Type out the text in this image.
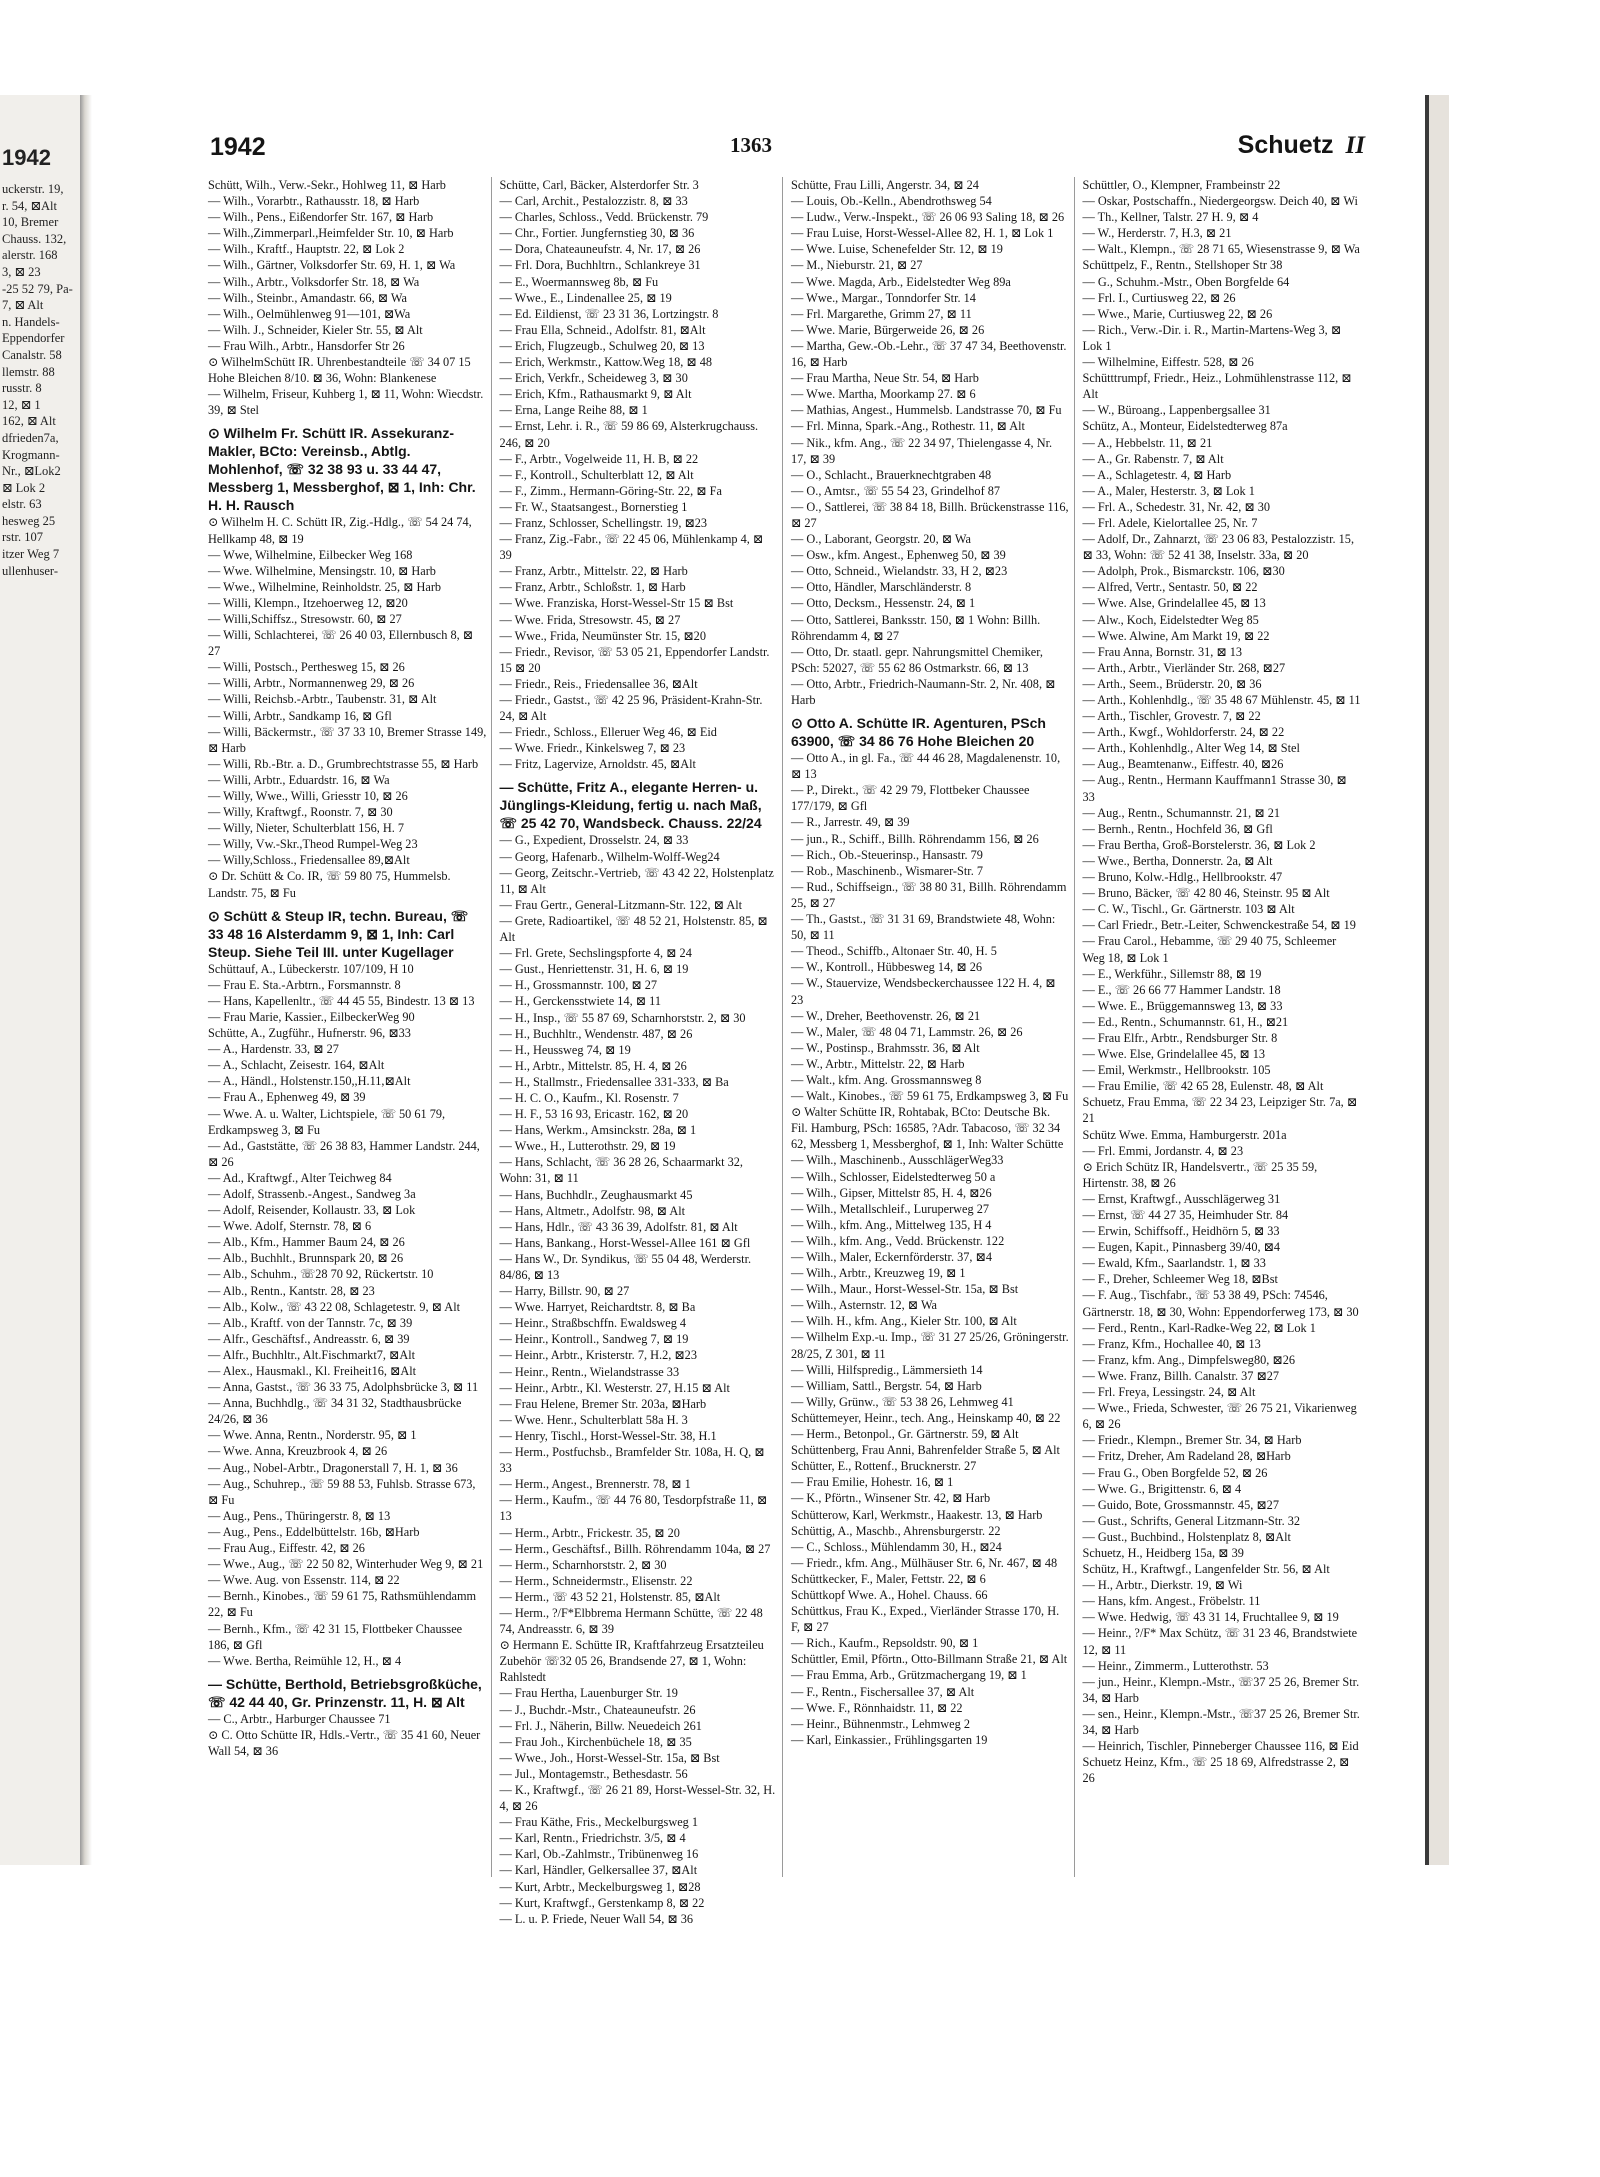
1942
uckerstr. 19,
r. 54, ⊠Alt
10, Bremer
Chauss. 132,
alerstr. 168
3, ⊠ 23
-25 52 79, Pa-
7, ⊠ Alt
n. Handels-
Eppendorfer
Canalstr. 58
llemstr. 88
russtr. 8
12, ⊠ 1
162, ⊠ Alt
dfrieden7a,
Krogmann-
Nr., ⊠Lok2
⊠ Lok 2
elstr. 63
hesweg 25
rstr. 107
itzer Weg 7
ullenhuser-
1942	1363	Schuetz II
Schütt, Wilh., Verw.-Sekr., Hohlweg 11, ⊠ Harb
— Wilh., Vorarbtr., Rathausstr. 18, ⊠ Harb
— Wilh., Pens., Eißendorfer Str. 167, ⊠ Harb
— Wilh.,Zimmerparl.,Heimfelder Str. 10, ⊠ Harb
— Wilh., Kraftf., Hauptstr. 22, ⊠ Lok 2
— Wilh., Gärtner, Volksdorfer Str. 69, H. 1, ⊠ Wa
— Wilh., Arbtr., Volksdorfer Str. 18, ⊠ Wa
— Wilh., Steinbr., Amandastr. 66, ⊠ Wa
— Wilh., Oelmühlenweg 91—101, ⊠Wa
— Wilh. J., Schneider, Kieler Str. 55, ⊠ Alt
— Frau Wilh., Arbtr., Hansdorfer Str 26
⊙ WilhelmSchütt IR. Uhrenbestandteile ☏ 34 07 15 Hohe Bleichen 8/10. ⊠ 36, Wohn: Blankenese
— Wilhelm, Friseur, Kuhberg 1, ⊠ 11, Wohn: Wiecdstr. 39, ⊠ Stel
⊙ Wilhelm Fr. Schütt IR. Assekuranz-Makler, BCto: Vereinsb., Abtlg. Mohlenhof, ☏ 32 38 93 u. 33 44 47, Messberg 1, Messberghof, ⊠ 1, Inh: Chr. H. H. Rausch
⊙ Wilhelm H. C. Schütt IR, Zig.-Hdlg., ☏ 54 24 74, Hellkamp 48, ⊠ 19
— Wwe, Wilhelmine, Eilbecker Weg 168
— Wwe. Wilhelmine, Mensingstr. 10, ⊠ Harb
— Wwe., Wilhelmine, Reinholdstr. 25, ⊠ Harb
— Willi, Klempn., Itzehoerweg 12, ⊠20
— Willi,Schiffsz., Stresowstr. 60, ⊠ 27
— Willi, Schlachterei, ☏ 26 40 03, Ellernbusch 8, ⊠ 27
— Willi, Postsch., Perthesweg 15, ⊠ 26
— Willi, Arbtr., Normannenweg 29, ⊠ 26
— Willi, Reichsb.-Arbtr., Taubenstr. 31, ⊠ Alt
— Willi, Arbtr., Sandkamp 16, ⊠ Gfl
— Willi, Bäckermstr., ☏ 37 33 10, Bremer Strasse 149, ⊠ Harb
— Willi, Rb.-Btr. a. D., Grumbrechtstrasse 55, ⊠ Harb
— Willi, Arbtr., Eduardstr. 16, ⊠ Wa
— Willy, Wwe., Willi, Griesstr 10, ⊠ 26
— Willy, Kraftwgf., Roonstr. 7, ⊠ 30
— Willy, Nieter, Schulterblatt 156, H. 7
— Willy, Vw.-Skr.,Theod Rumpel-Weg 23
— Willy,Schloss., Friedensallee 89,⊠Alt
⊙ Dr. Schütt & Co. IR, ☏ 59 80 75, Hummelsb. Landstr. 75, ⊠ Fu
⊙ Schütt & Steup IR, techn. Bureau, ☏ 33 48 16 Alsterdamm 9, ⊠ 1, Inh: Carl Steup. Siehe Teil III. unter Kugellager
Schüttauf, A., Lübeckerstr. 107/109, H 10
— Frau E. Sta.-Arbtrn., Forsmannstr. 8
— Hans, Kapellenltr., ☏ 44 45 55, Bindestr. 13 ⊠ 13
— Frau Marie, Kassier., EilbeckerWeg 90
Schütte, A., Zugführ., Hufnerstr. 96, ⊠33
— A., Hardenstr. 33, ⊠ 27
— A., Schlacht, Zeisestr. 164, ⊠Alt
— A., Händl., Holstenstr.150,,H.11,⊠Alt
— Frau A., Ephenweg 49, ⊠ 39
— Wwe. A. u. Walter, Lichtspiele, ☏ 50 61 79, Erdkampsweg 3, ⊠ Fu
— Ad., Gaststätte, ☏ 26 38 83, Hammer Landstr. 244, ⊠ 26
— Ad., Kraftwgf., Alter Teichweg 84
— Adolf, Strassenb.-Angest., Sandweg 3a
— Adolf, Reisender, Kollaustr. 33, ⊠ Lok
— Wwe. Adolf, Sternstr. 78, ⊠ 6
— Alb., Kfm., Hammer Baum 24, ⊠ 26
— Alb., Buchhlt., Brunnspark 20, ⊠ 26
— Alb., Schuhm., ☏28 70 92, Rückertstr. 10
— Alb., Rentn., Kantstr. 28, ⊠ 23
— Alb., Kolw., ☏ 43 22 08, Schlagetestr. 9, ⊠ Alt
— Alb., Kraftf. von der Tannstr. 7c, ⊠ 39
— Alfr., Geschäftsf., Andreasstr. 6, ⊠ 39
— Alfr., Buchhltr., Alt.Fischmarkt7, ⊠Alt
— Alex., Hausmakl., Kl. Freiheit16, ⊠Alt
— Anna, Gastst., ☏ 36 33 75, Adolphsbrücke 3, ⊠ 11
— Anna, Buchhdlg., ☏ 34 31 32, Stadthausbrücke 24/26, ⊠ 36
— Wwe. Anna, Rentn., Norderstr. 95, ⊠ 1
— Wwe. Anna, Kreuzbrook 4, ⊠ 26
— Aug., Nobel-Arbtr., Dragonerstall 7, H. 1, ⊠ 36
— Aug., Schuhrep., ☏ 59 88 53, Fuhlsb. Strasse 673, ⊠ Fu
— Aug., Pens., Thüringerstr. 8, ⊠ 13
— Aug., Pens., Eddelbüttelstr. 16b, ⊠Harb
— Frau Aug., Eiffestr. 42, ⊠ 26
— Wwe., Aug., ☏ 22 50 82, Winterhuder Weg 9, ⊠ 21
— Wwe. Aug. von Essenstr. 114, ⊠ 22
— Bernh., Kinobes., ☏ 59 61 75, Rathsmühlendamm 22, ⊠ Fu
— Bernh., Kfm., ☏ 42 31 15, Flottbeker Chaussee 186, ⊠ Gfl
— Wwe. Bertha, Reimühle 12, H., ⊠ 4
— Schütte, Berthold, Betriebsgroßküche, ☏ 42 44 40, Gr. Prinzenstr. 11, H. ⊠ Alt
— C., Arbtr., Harburger Chaussee 71
⊙ C. Otto Schütte IR, Hdls.-Vertr., ☏ 35 41 60, Neuer Wall 54, ⊠ 36
Schütte, Carl, Bäcker, Alsterdorfer Str. 3
— Carl, Archit., Pestalozzistr. 8, ⊠ 33
— Charles, Schloss., Vedd. Brückenstr. 79
— Chr., Fortier. Jungfernstieg 30, ⊠ 36
— Dora, Chateauneufstr. 4, Nr. 17, ⊠ 26
— Frl. Dora, Buchhltrn., Schlankreye 31
— E., Woermannsweg 8b, ⊠ Fu
— Wwe., E., Lindenallee 25, ⊠ 19
— Ed. Eildienst, ☏ 23 31 36, Lortzingstr. 8
— Frau Ella, Schneid., Adolfstr. 81, ⊠Alt
— Erich, Flugzeugb., Schulweg 20, ⊠ 13
— Erich, Werkmstr., Kattow.Weg 18, ⊠ 48
— Erich, Verkfr., Scheideweg 3, ⊠ 30
— Erich, Kfm., Rathausmarkt 9, ⊠ Alt
— Erna, Lange Reihe 88, ⊠ 1
— Ernst, Lehr. i. R., ☏ 59 86 69, Alsterkrugchauss. 246, ⊠ 20
— F., Arbtr., Vogelweide 11, H. B, ⊠ 22
— F., Kontroll., Schulterblatt 12, ⊠ Alt
— F., Zimm., Hermann-Göring-Str. 22, ⊠ Fa
— Fr. W., Staatsangest., Bornerstieg 1
— Franz, Schlosser, Schellingstr. 19, ⊠23
— Franz, Zig.-Fabr., ☏ 22 45 06, Mühlenkamp 4, ⊠ 39
— Franz, Arbtr., Mittelstr. 22, ⊠ Harb
— Franz, Arbtr., Schloßstr. 1, ⊠ Harb
— Wwe. Franziska, Horst-Wessel-Str 15 ⊠ Bst
— Wwe. Frida, Stresowstr. 45, ⊠ 27
— Wwe., Frida, Neumünster Str. 15, ⊠20
— Friedr., Revisor, ☏ 53 05 21, Eppendorfer Landstr. 15 ⊠ 20
— Friedr., Reis., Friedensallee 36, ⊠Alt
— Friedr., Gastst., ☏ 42 25 96, Präsident-Krahn-Str. 24, ⊠ Alt
— Friedr., Schloss., Elleruer Weg 46, ⊠ Eid
— Wwe. Friedr., Kinkelsweg 7, ⊠ 23
— Fritz, Lagervize, Arnoldstr. 45, ⊠Alt
— Schütte, Fritz A., elegante Herren- u. Jünglings-Kleidung, fertig u. nach Maß, ☏ 25 42 70, Wandsbeck. Chauss. 22/24
— G., Expedient, Drosselstr. 24, ⊠ 33
— Georg, Hafenarb., Wilhelm-Wolff-Weg24
— Georg, Zeitschr.-Vertrieb, ☏ 43 42 22, Holstenplatz 11, ⊠ Alt
— Frau Gertr., General-Litzmann-Str. 122, ⊠ Alt
— Grete, Radioartikel, ☏ 48 52 21, Holstenstr. 85, ⊠ Alt
— Frl. Grete, Sechslingspforte 4, ⊠ 24
— Gust., Henriettenstr. 31, H. 6, ⊠ 19
— H., Grossmannstr. 100, ⊠ 27
— H., Gerckensstwiete 14, ⊠ 11
— H., Insp., ☏ 55 87 69, Scharnhorststr. 2, ⊠ 30
— H., Buchhltr., Wendenstr. 487, ⊠ 26
— H., Heussweg 74, ⊠ 19
— H., Arbtr., Mittelstr. 85, H. 4, ⊠ 26
— H., Stallmstr., Friedensallee 331-333, ⊠ Ba
— H. C. O., Kaufm., Kl. Rosenstr. 7
— H. F., 53 16 93, Ericastr. 162, ⊠ 20
— Hans, Werkm., Amsinckstr. 28a, ⊠ 1
— Wwe., H., Lutterothstr. 29, ⊠ 19
— Hans, Schlacht, ☏ 36 28 26, Schaarmarkt 32, Wohn: 31, ⊠ 11
— Hans, Buchhdlr., Zeughausmarkt 45
— Hans, Altmetr., Adolfstr. 98, ⊠ Alt
— Hans, Hdlr., ☏ 43 36 39, Adolfstr. 81, ⊠ Alt
— Hans, Bankang., Horst-Wessel-Allee 161 ⊠ Gfl
— Hans W., Dr. Syndikus, ☏ 55 04 48, Werderstr. 84/86, ⊠ 13
— Harry, Billstr. 90, ⊠ 27
— Wwe. Harryet, Reichardtstr. 8, ⊠ Ba
— Heinr., Straßbschffn. Ewaldsweg 4
— Heinr., Kontroll., Sandweg 7, ⊠ 19
— Heinr., Arbtr., Kristerstr. 7, H.2, ⊠23
— Heinr., Rentn., Wielandstrasse 33
— Heinr., Arbtr., Kl. Westerstr. 27, H.15 ⊠ Alt
— Frau Helene, Bremer Str. 203a, ⊠Harb
— Wwe. Henr., Schulterblatt 58a H. 3
— Henry, Tischl., Horst-Wessel-Str. 38, H.1
— Herm., Postfuchsb., Bramfelder Str. 108a, H. Q, ⊠ 33
— Herm., Angest., Brennerstr. 78, ⊠ 1
— Herm., Kaufm., ☏ 44 76 80, Tesdorpfstraße 11, ⊠ 13
— Herm., Arbtr., Frickestr. 35, ⊠ 20
— Herm., Geschäftsf., Billh. Röhrendamm 104a, ⊠ 27
— Herm., Scharnhorststr. 2, ⊠ 30
— Herm., Schneidermstr., Elisenstr. 22
— Herm., ☏ 43 52 21, Holstenstr. 85, ⊠Alt
— Herm., ?/F*Elbbrema Hermann Schütte, ☏ 22 48 74, Andreasstr. 6, ⊠ 39
⊙ Hermann E. Schütte IR, Kraftfahrzeug Ersatzteileu Zubehör ☏32 05 26, Brandsende 27, ⊠ 1, Wohn: Rahlstedt
— Frau Hertha, Lauenburger Str. 19
— J., Buchdr.-Mstr., Chateauneufstr. 26
— Frl. J., Näherin, Billw. Neuedeich 261
— Frau Joh., Kirchenbüchele 18, ⊠ 35
— Wwe., Joh., Horst-Wessel-Str. 15a, ⊠ Bst
— Jul., Montagemstr., Bethesdastr. 56
— K., Kraftwgf., ☏ 26 21 89, Horst-Wessel-Str. 32, H. 4, ⊠ 26
— Frau Käthe, Fris., Meckelburgsweg 1
— Karl, Rentn., Friedrichstr. 3/5, ⊠ 4
— Karl, Ob.-Zahlmstr., Tribünenweg 16
— Karl, Händler, Gelkersallee 37, ⊠Alt
— Kurt, Arbtr., Meckelburgsweg 1, ⊠28
— Kurt, Kraftwgf., Gerstenkamp 8, ⊠ 22
— L. u. P. Friede, Neuer Wall 54, ⊠ 36
Schütte, Frau Lilli, Angerstr. 34, ⊠ 24
— Louis, Ob.-Kelln., Abendrothsweg 54
— Ludw., Verw.-Inspekt., ☏ 26 06 93 Saling 18, ⊠ 26
— Frau Luise, Horst-Wessel-Allee 82, H. 1, ⊠ Lok 1
— Wwe. Luise, Schenefelder Str. 12, ⊠ 19
— M., Nieburstr. 21, ⊠ 27
— Wwe. Magda, Arb., Eidelstedter Weg 89a
— Wwe., Margar., Tonndorfer Str. 14
— Frl. Margarethe, Grimm 27, ⊠ 11
— Wwe. Marie, Bürgerweide 26, ⊠ 26
— Martha, Gew.-Ob.-Lehr., ☏ 37 47 34, Beethovenstr. 16, ⊠ Harb
— Frau Martha, Neue Str. 54, ⊠ Harb
— Wwe. Martha, Moorkamp 27. ⊠ 6
— Mathias, Angest., Hummelsb. Landstrasse 70, ⊠ Fu
— Frl. Minna, Spark.-Ang., Rothestr. 11, ⊠ Alt
— Nik., kfm. Ang., ☏ 22 34 97, Thielengasse 4, Nr. 17, ⊠ 39
— O., Schlacht., Brauerknechtgraben 48
— O., Amtsr., ☏ 55 54 23, Grindelhof 87
— O., Sattlerei, ☏ 38 84 18, Billh. Brückenstrasse 116, ⊠ 27
— O., Laborant, Georgstr. 20, ⊠ Wa
— Osw., kfm. Angest., Ephenweg 50, ⊠ 39
— Otto, Schneid., Wielandstr. 33, H 2, ⊠23
— Otto, Händler, Marschländerstr. 8
— Otto, Decksm., Hessenstr. 24, ⊠ 1
— Otto, Sattlerei, Banksstr. 150, ⊠ 1 Wohn: Billh. Röhrendamm 4, ⊠ 27
— Otto, Dr. staatl. gepr. Nahrungsmittel Chemiker, PSch: 52027, ☏ 55 62 86 Ostmarkstr. 66, ⊠ 13
— Otto, Arbtr., Friedrich-Naumann-Str. 2, Nr. 408, ⊠ Harb
⊙ Otto A. Schütte IR. Agenturen, PSch 63900, ☏ 34 86 76 Hohe Bleichen 20
— Otto A., in gl. Fa., ☏ 44 46 28, Magdalenenstr. 10, ⊠ 13
— P., Direkt., ☏ 42 29 79, Flottbeker Chaussee 177/179, ⊠ Gfl
— R., Jarrestr. 49, ⊠ 39
— jun., R., Schiff., Billh. Röhrendamm 156, ⊠ 26
— Rich., Ob.-Steuerinsp., Hansastr. 79
— Rob., Maschinenb., Wismarer-Str. 7
— Rud., Schiffseign., ☏ 38 80 31, Billh. Röhrendamm 25, ⊠ 27
— Th., Gastst., ☏ 31 31 69, Brandstwiete 48, Wohn: 50, ⊠ 11
— Theod., Schiffb., Altonaer Str. 40, H. 5
— W., Kontroll., Hübbesweg 14, ⊠ 26
— W., Stauervize, Wendsbeckerchaussee 122 H. 4, ⊠ 23
— W., Dreher, Beethovenstr. 26, ⊠ 21
— W., Maler, ☏ 48 04 71, Lammstr. 26, ⊠ 26
— W., Postinsp., Brahmsstr. 36, ⊠ Alt
— W., Arbtr., Mittelstr. 22, ⊠ Harb
— Walt., kfm. Ang. Grossmannsweg 8
— Walt., Kinobes., ☏ 59 61 75, Erdkampsweg 3, ⊠ Fu
⊙ Walter Schütte IR, Rohtabak, BCto: Deutsche Bk. Fil. Hamburg, PSch: 16585, ?Adr. Tabacoso, ☏ 32 34 62, Messberg 1, Messberghof, ⊠ 1, Inh: Walter Schütte
— Wilh., Maschinenb., AusschlägerWeg33
— Wilh., Schlosser, Eidelstedterweg 50 a
— Wilh., Gipser, Mittelstr 85, H. 4, ⊠26
— Wilh., Metallschleif., Luruperweg 27
— Wilh., kfm. Ang., Mittelweg 135, H 4
— Wilh., kfm. Ang., Vedd. Brückenstr. 122
— Wilh., Maler, Eckernförderstr. 37, ⊠4
— Wilh., Arbtr., Kreuzweg 19, ⊠ 1
— Wilh., Maur., Horst-Wessel-Str. 15a, ⊠ Bst
— Wilh., Asternstr. 12, ⊠ Wa
— Wilh. H., kfm. Ang., Kieler Str. 100, ⊠ Alt
— Wilhelm Exp.-u. Imp., ☏ 31 27 25/26, Gröningerstr. 28/25, Z 301, ⊠ 11
— Willi, Hilfspredig., Lämmersieth 14
— William, Sattl., Bergstr. 54, ⊠ Harb
— Willy, Grünw., ☏ 53 38 26, Lehmweg 41
Schüttemeyer, Heinr., tech. Ang., Heinskamp 40, ⊠ 22
— Herm., Betonpol., Gr. Gärtnerstr. 59, ⊠ Alt
Schüttenberg, Frau Anni, Bahrenfelder Straße 5, ⊠ Alt
Schütter, E., Rottenf., Brucknerstr. 27
— Frau Emilie, Hohestr. 16, ⊠ 1
— K., Pförtn., Winsener Str. 42, ⊠ Harb
Schütterow, Karl, Werkmstr., Haakestr. 13, ⊠ Harb
Schüttig, A., Maschb., Ahrensburgerstr. 22
— C., Schloss., Mühlendamm 30, H., ⊠24
— Friedr., kfm. Ang., Mülhäuser Str. 6, Nr. 467, ⊠ 48
Schüttkecker, F., Maler, Fettstr. 22, ⊠ 6
Schüttkopf Wwe. A., Hohel. Chauss. 66
Schüttkus, Frau K., Exped., Vierländer Strasse 170, H. F, ⊠ 27
— Rich., Kaufm., Repsoldstr. 90, ⊠ 1
Schüttler, Emil, Pförtn., Otto-Billmann Straße 21, ⊠ Alt
— Frau Emma, Arb., Grützmachergang 19, ⊠ 1
— F., Rentn., Fischersallee 37, ⊠ Alt
— Wwe. F., Rönnhaidstr. 11, ⊠ 22
— Heinr., Bühnenmstr., Lehmweg 2
— Karl, Einkassier., Frühlingsgarten 19
Schüttler, O., Klempner, Frambeinstr 22
— Oskar, Postschaffn., Niedergeorgsw. Deich 40, ⊠ Wi
— Th., Kellner, Talstr. 27 H. 9, ⊠ 4
— W., Herderstr. 7, H.3, ⊠ 21
— Walt., Klempn., ☏ 28 71 65, Wiesenstrasse 9, ⊠ Wa
Schüttpelz, F., Rentn., Stellshoper Str 38
— G., Schuhm.-Mstr., Oben Borgfelde 64
— Frl. I., Curtiusweg 22, ⊠ 26
— Wwe., Marie, Curtiusweg 22, ⊠ 26
— Rich., Verw.-Dir. i. R., Martin-Martens-Weg 3, ⊠ Lok 1
— Wilhelmine, Eiffestr. 528, ⊠ 26
Schütttrumpf, Friedr., Heiz., Lohmühlenstrasse 112, ⊠ Alt
— W., Büroang., Lappenbergsallee 31
Schütz, A., Monteur, Eidelstedterweg 87a
— A., Hebbelstr. 11, ⊠ 21
— A., Gr. Rabenstr. 7, ⊠ Alt
— A., Schlagetestr. 4, ⊠ Harb
— A., Maler, Hesterstr. 3, ⊠ Lok 1
— Frl. A., Schedestr. 31, Nr. 42, ⊠ 30
— Frl. Adele, Kielortallee 25, Nr. 7
— Adolf, Dr., Zahnarzt, ☏ 23 06 83, Pestalozzistr. 15, ⊠ 33, Wohn: ☏ 52 41 38, Inselstr. 33a, ⊠ 20
— Adolph, Prok., Bismarckstr. 106, ⊠30
— Alfred, Vertr., Sentastr. 50, ⊠ 22
— Wwe. Alse, Grindelallee 45, ⊠ 13
— Alw., Koch, Eidelstedter Weg 85
— Wwe. Alwine, Am Markt 19, ⊠ 22
— Frau Anna, Bornstr. 31, ⊠ 13
— Arth., Arbtr., Vierländer Str. 268, ⊠27
— Arth., Seem., Brüderstr. 20, ⊠ 36
— Arth., Kohlenhdlg., ☏ 35 48 67 Mühlenstr. 45, ⊠ 11
— Arth., Tischler, Grovestr. 7, ⊠ 22
— Arth., Kwgf., Wohldorferstr. 24, ⊠ 22
— Arth., Kohlenhdlg., Alter Weg 14, ⊠ Stel
— Aug., Beamtenanw., Eiffestr. 40, ⊠26
— Aug., Rentn., Hermann Kauffmann1 Strasse 30, ⊠ 33
— Aug., Rentn., Schumannstr. 21, ⊠ 21
— Bernh., Rentn., Hochfeld 36, ⊠ Gfl
— Frau Bertha, Groß-Borstelerstr. 36, ⊠ Lok 2
— Wwe., Bertha, Donnerstr. 2a, ⊠ Alt
— Bruno, Kolw.-Hdlg., Hellbrookstr. 47
— Bruno, Bäcker, ☏ 42 80 46, Steinstr. 95 ⊠ Alt
— C. W., Tischl., Gr. Gärtnerstr. 103 ⊠ Alt
— Carl Friedr., Betr.-Leiter, Schwenckestraße 54, ⊠ 19
— Frau Carol., Hebamme, ☏ 29 40 75, Schleemer Weg 18, ⊠ Lok 1
— E., Werkführ., Sillemstr 88, ⊠ 19
— E., ☏ 26 66 77 Hammer Landstr. 18
— Wwe. E., Brüggemannsweg 13, ⊠ 33
— Ed., Rentn., Schumannstr. 61, H., ⊠21
— Frau Elfr., Arbtr., Rendsburger Str. 8
— Wwe. Else, Grindelallee 45, ⊠ 13
— Emil, Werkmstr., Hellbrookstr. 105
— Frau Emilie, ☏ 42 65 28, Eulenstr. 48, ⊠ Alt
Schuetz, Frau Emma, ☏ 22 34 23, Leipziger Str. 7a, ⊠ 21
Schütz Wwe. Emma, Hamburgerstr. 201a
— Frl. Emmi, Jordanstr. 4, ⊠ 23
⊙ Erich Schütz IR, Handelsvertr., ☏ 25 35 59, Hirtenstr. 38, ⊠ 26
— Ernst, Kraftwgf., Ausschlägerweg 31
— Ernst, ☏ 44 27 35, Heimhuder Str. 84
— Erwin, Schiffsoff., Heidhörn 5, ⊠ 33
— Eugen, Kapit., Pinnasberg 39/40, ⊠4
— Ewald, Kfm., Saarlandstr. 1, ⊠ 33
— F., Dreher, Schleemer Weg 18, ⊠Bst
— F. Aug., Tischfabr., ☏ 53 38 49, PSch: 74546, Gärtnerstr. 18, ⊠ 30, Wohn: Eppendorferweg 173, ⊠ 30
— Ferd., Rentn., Karl-Radke-Weg 22, ⊠ Lok 1
— Franz, Kfm., Hochallee 40, ⊠ 13
— Franz, kfm. Ang., Dimpfelsweg80, ⊠26
— Wwe. Franz, Billh. Canalstr. 37 ⊠27
— Frl. Freya, Lessingstr. 24, ⊠ Alt
— Wwe., Frieda, Schwester, ☏ 26 75 21, Vikarienweg 6, ⊠ 26
— Friedr., Klempn., Bremer Str. 34, ⊠ Harb
— Fritz, Dreher, Am Radeland 28, ⊠Harb
— Frau G., Oben Borgfelde 52, ⊠ 26
— Wwe. G., Brigittenstr. 6, ⊠ 4
— Guido, Bote, Grossmannstr. 45, ⊠27
— Gust., Schrifts, General Litzmann-Str. 32
— Gust., Buchbind., Holstenplatz 8, ⊠Alt
Schuetz, H., Heidberg 15a, ⊠ 39
Schütz, H., Kraftwgf., Langenfelder Str. 56, ⊠ Alt
— H., Arbtr., Dierkstr. 19, ⊠ Wi
— Hans, kfm. Angest., Fröbelstr. 11
— Wwe. Hedwig, ☏ 43 31 14, Fruchtallee 9, ⊠ 19
— Heinr., ?/F* Max Schütz, ☏ 31 23 46, Brandstwiete 12, ⊠ 11
— Heinr., Zimmerm., Lutterothstr. 53
— jun., Heinr., Klempn.-Mstr., ☏37 25 26, Bremer Str. 34, ⊠ Harb
— sen., Heinr., Klempn.-Mstr., ☏37 25 26, Bremer Str. 34, ⊠ Harb
— Heinrich, Tischler, Pinneberger Chaussee 116, ⊠ Eid
Schuetz Heinz, Kfm., ☏ 25 18 69, Alfredstrasse 2, ⊠ 26
